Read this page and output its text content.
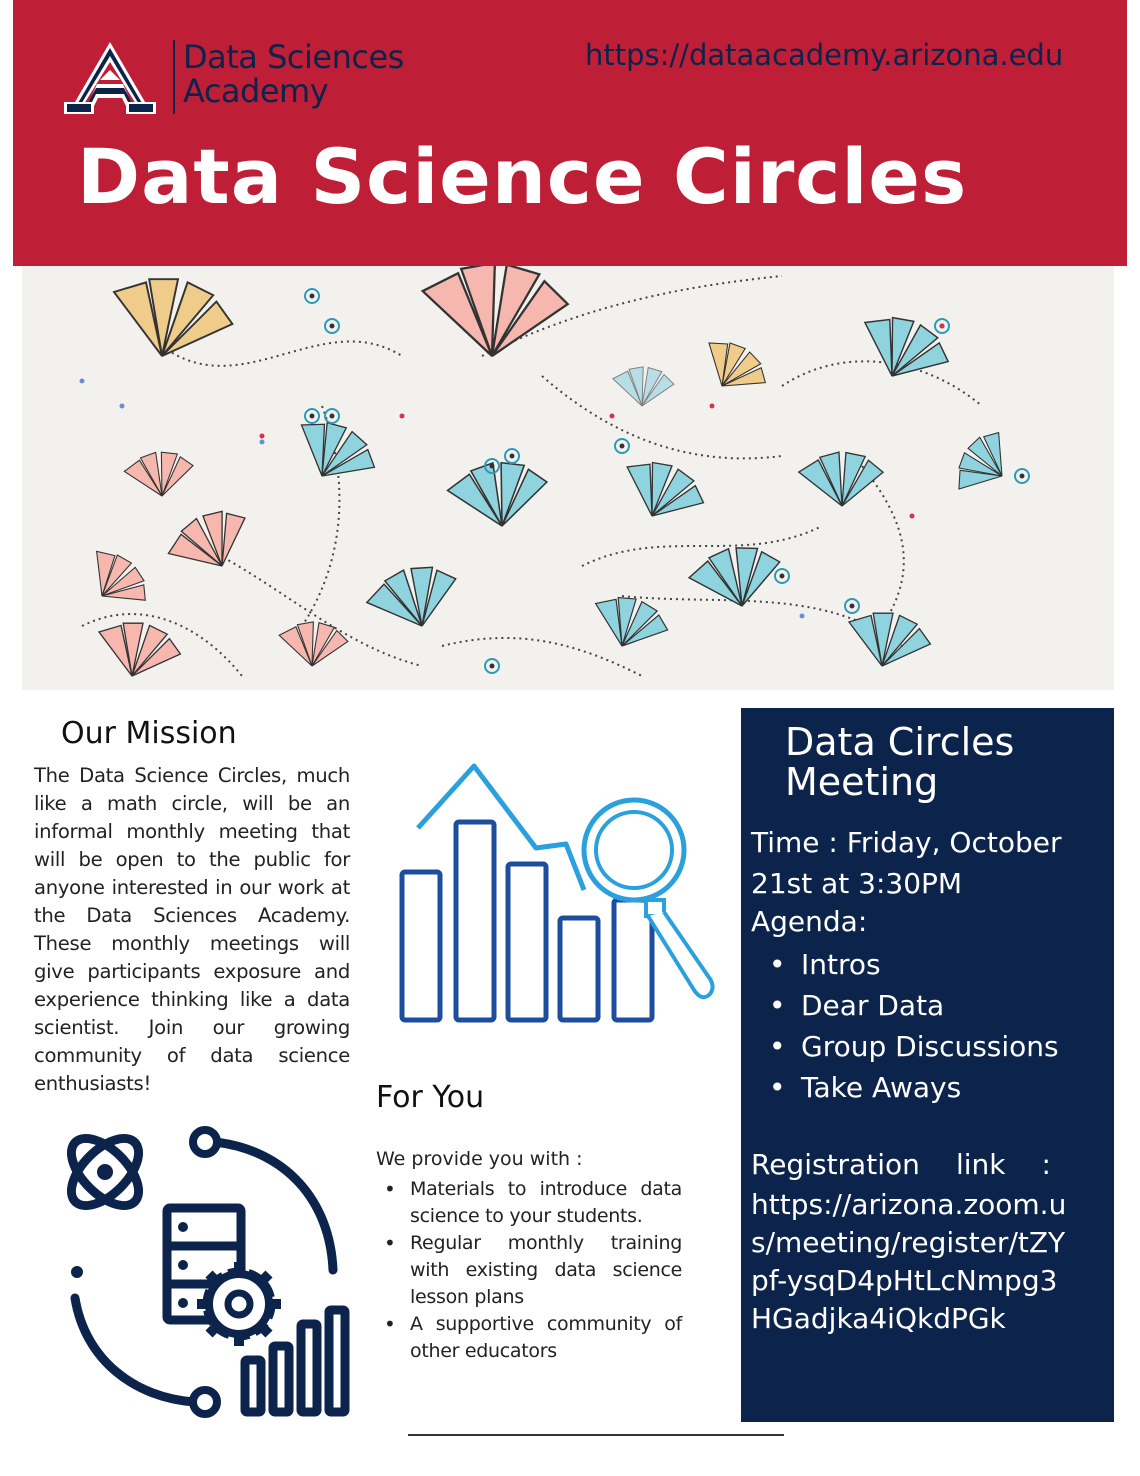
Data Sciences
Academy
https://dataacademy.arizona.edu
Data Science Circles
Our Mission

The Data Science Circles, much like a math circle, will be an informal monthly meeting that will be open to the public for anyone interested in our work at the Data Sciences Academy. These monthly meetings will give participants exposure and experience thinking like a data scientist. Join our growing community of data science enthusiasts!	For You

We provide you with :

• Materials to introduce data science to your students.
• Regular monthly training with existing data science lesson plans
• A supportive community of other educators
Data Circles
Meeting

Time : Friday, October 21st at 3:30PM

Agenda:

• Intros
• Dear Data
• Group Discussions
• Take Aways

Registration link :

https://arizona.zoom.us/meeting/register/tZYpf-ysqD4pHtLcNmpg3HGadjka4iQkdPGk
